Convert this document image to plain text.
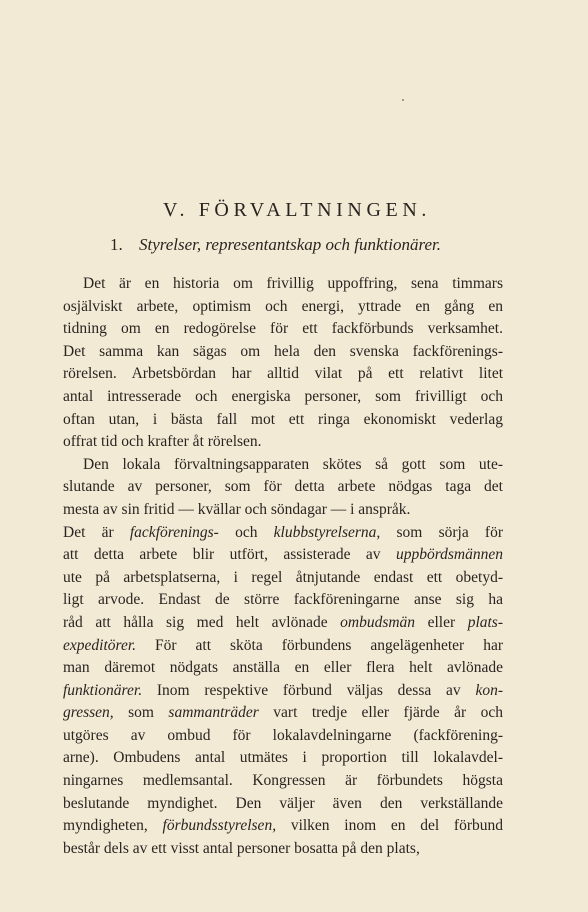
V. FÖRVALTNINGEN.
1. Styrelser, representantskap och funktionärer.
Det är en historia om frivillig uppoffring, sena timmars
osjälviskt arbete, optimism och energi, yttrade en gång en
tidning om en redogörelse för ett fackförbunds verksamhet.
Det samma kan sägas om hela den svenska fackförenings-
rörelsen. Arbetsbördan har alltid vilat på ett relativt litet
antal intresserade och energiska personer, som frivilligt och
oftan utan, i bästa fall mot ett ringa ekonomiskt vederlag
offrat tid och krafter åt rörelsen.
Den lokala förvaltningsapparaten skötes så gott som ute-
slutande av personer, som för detta arbete nödgas taga det
mesta av sin fritid — kvällar och söndagar — i anspråk.
Det är fackförenings- och klubbstyrelserna, som sörja för
att detta arbete blir utfört, assisterade av uppbördsmännen
ute på arbetsplatserna, i regel åtnjutande endast ett obetyd-
ligt arvode. Endast de större fackföreningarne anse sig ha
råd att hålla sig med helt avlönade ombudsmän eller plats-
expeditörer. För att sköta förbundens angelägenheter har
man däremot nödgats anställa en eller flera helt avlönade
funktionärer. Inom respektive förbund väljas dessa av kon-
gressen, som sammanträder vart tredje eller fjärde år och
utgöres av ombud för lokalavdelningarne (fackförening-
arne). Ombudens antal utmätes i proportion till lokalavdel-
ningarnes medlemsantal. Kongressen är förbundets högsta
beslutande myndighet. Den väljer även den verkställande
myndigheten, förbundsstyrelsen, vilken inom en del förbund
består dels av ett visst antal personer bosatta på den plats,
